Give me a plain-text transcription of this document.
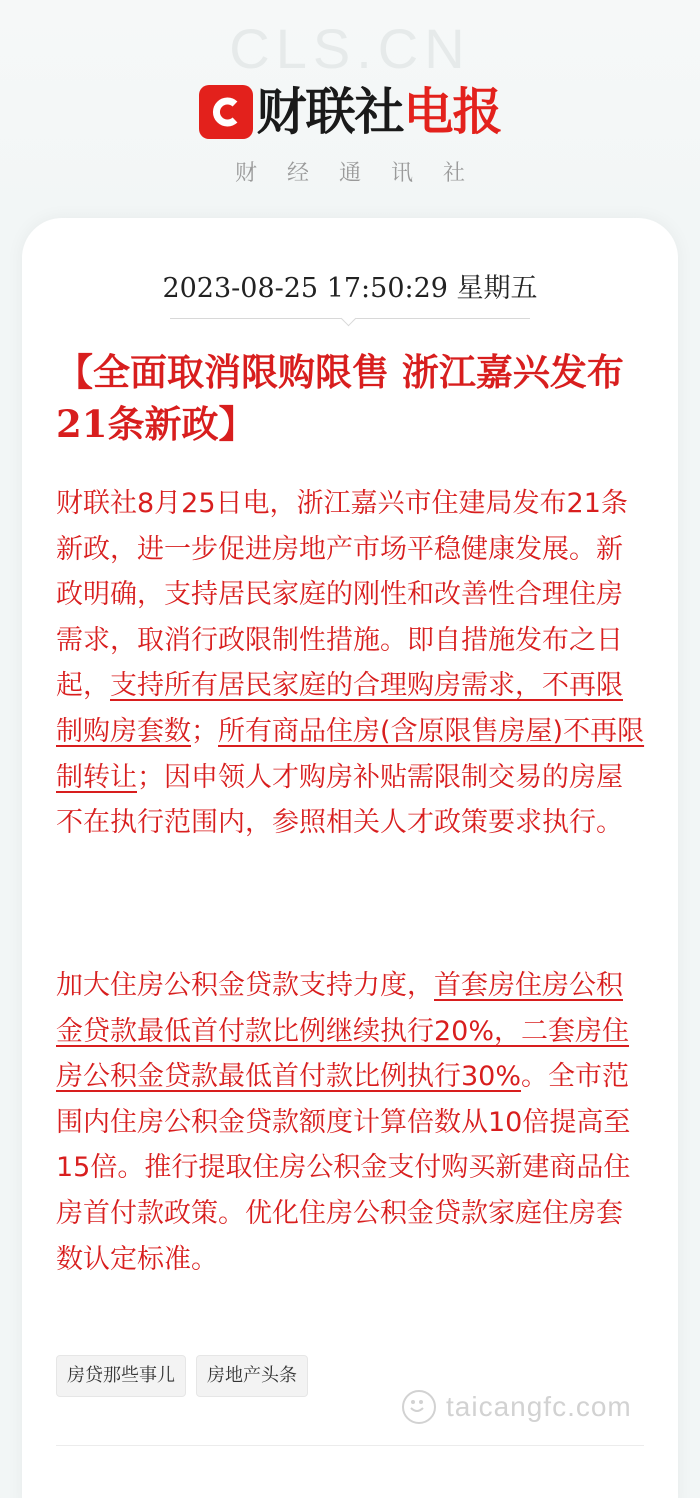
CLS.CN
财联社 电报
财经通讯社
2023-08-25 17:50:29 星期五
【全面取消限购限售 浙江嘉兴发布21条新政】
财联社8月25日电，浙江嘉兴市住建局发布21条新政，进一步促进房地产市场平稳健康发展。新政明确，支持居民家庭的刚性和改善性合理住房需求，取消行政限制性措施。即自措施发布之日起，支持所有居民家庭的合理购房需求，不再限制购房套数；所有商品住房(含原限售房屋)不再限制转让；因申领人才购房补贴需限制交易的房屋不在执行范围内，参照相关人才政策要求执行。
加大住房公积金贷款支持力度，首套房住房公积金贷款最低首付款比例继续执行20%，二套房住房公积金贷款最低首付款比例执行30%。全市范围内住房公积金贷款额度计算倍数从10倍提高至15倍。推行提取住房公积金支付购买新建商品住房首付款政策。优化住房公积金贷款家庭住房套数认定标准。
房贷那些事儿	房地产头条
taicangfc.com
